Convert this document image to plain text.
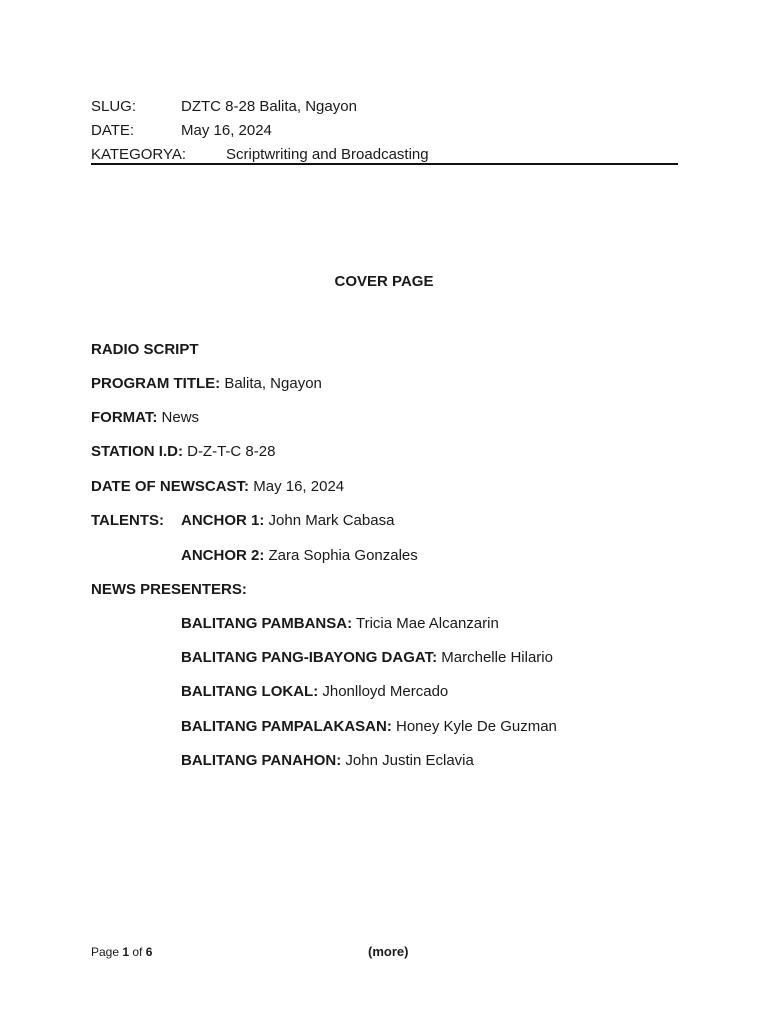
SLUG:	DZTC 8-28 Balita, Ngayon
DATE:	May 16, 2024
KATEGORYA:	Scriptwriting and Broadcasting
COVER PAGE
RADIO SCRIPT
PROGRAM TITLE: Balita, Ngayon
FORMAT: News
STATION I.D: D-Z-T-C 8-28
DATE OF NEWSCAST: May 16, 2024
TALENTS: ANCHOR 1: John Mark Cabasa
ANCHOR 2: Zara Sophia Gonzales
NEWS PRESENTERS:
BALITANG PAMBANSA: Tricia Mae Alcanzarin
BALITANG PANG-IBAYONG DAGAT: Marchelle Hilario
BALITANG LOKAL: Jhonlloyd Mercado
BALITANG PAMPALAKASAN: Honey Kyle De Guzman
BALITANG PANAHON: John Justin Eclavia
Page 1 of 6	(more)
